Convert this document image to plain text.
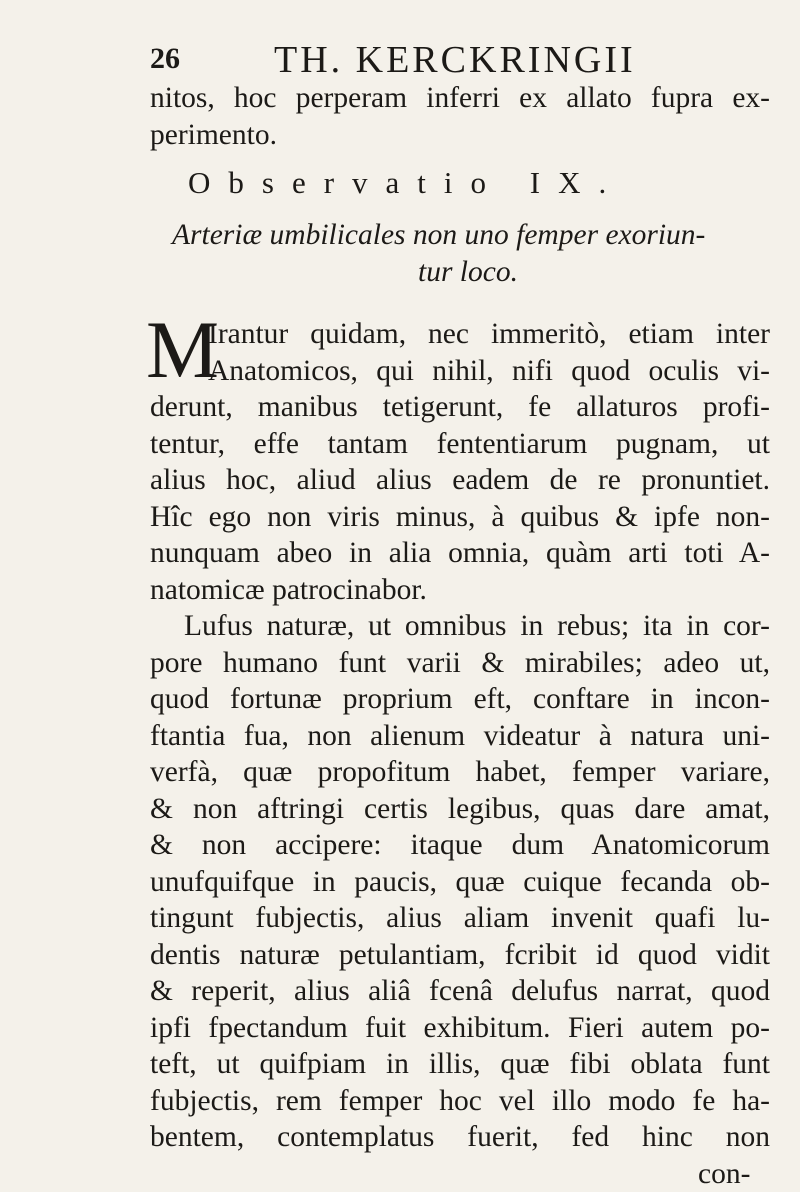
26 TH. KERCKRINGII
nitos, hoc perperam inferri ex allato fupra ex-
perimento.
Observatio IX.
Arteriæ umbilicales non uno femper exoriun-
tur loco.
M
Irantur quidam, nec immeritò, etiam inter
Anatomicos, qui nihil, nifi quod oculis vi-
derunt, manibus tetigerunt, fe allaturos profi-
tentur, effe tantam fententiarum pugnam, ut
alius hoc, aliud alius eadem de re pronuntiet.
Hîc ego non viris minus, à quibus & ipfe non-
nunquam abeo in alia omnia, quàm arti toti A-
natomicæ patrocinabor.
Lufus naturæ, ut omnibus in rebus; ita in cor-
pore humano funt varii & mirabiles; adeo ut,
quod fortunæ proprium eft, conftare in incon-
ftantia fua, non alienum videatur à natura uni-
verfà, quæ propofitum habet, femper variare,
& non aftringi certis legibus, quas dare amat,
& non accipere: itaque dum Anatomicorum
unufquifque in paucis, quæ cuique fecanda ob-
tingunt fubjectis, alius aliam invenit quafi lu-
dentis naturæ petulantiam, fcribit id quod vidit
& reperit, alius aliâ fcenâ delufus narrat, quod
ipfi fpectandum fuit exhibitum. Fieri autem po-
teft, ut quifpiam in illis, quæ fibi oblata funt
fubjectis, rem femper hoc vel illo modo fe ha-
bentem, contemplatus fuerit, fed hinc non
con-
